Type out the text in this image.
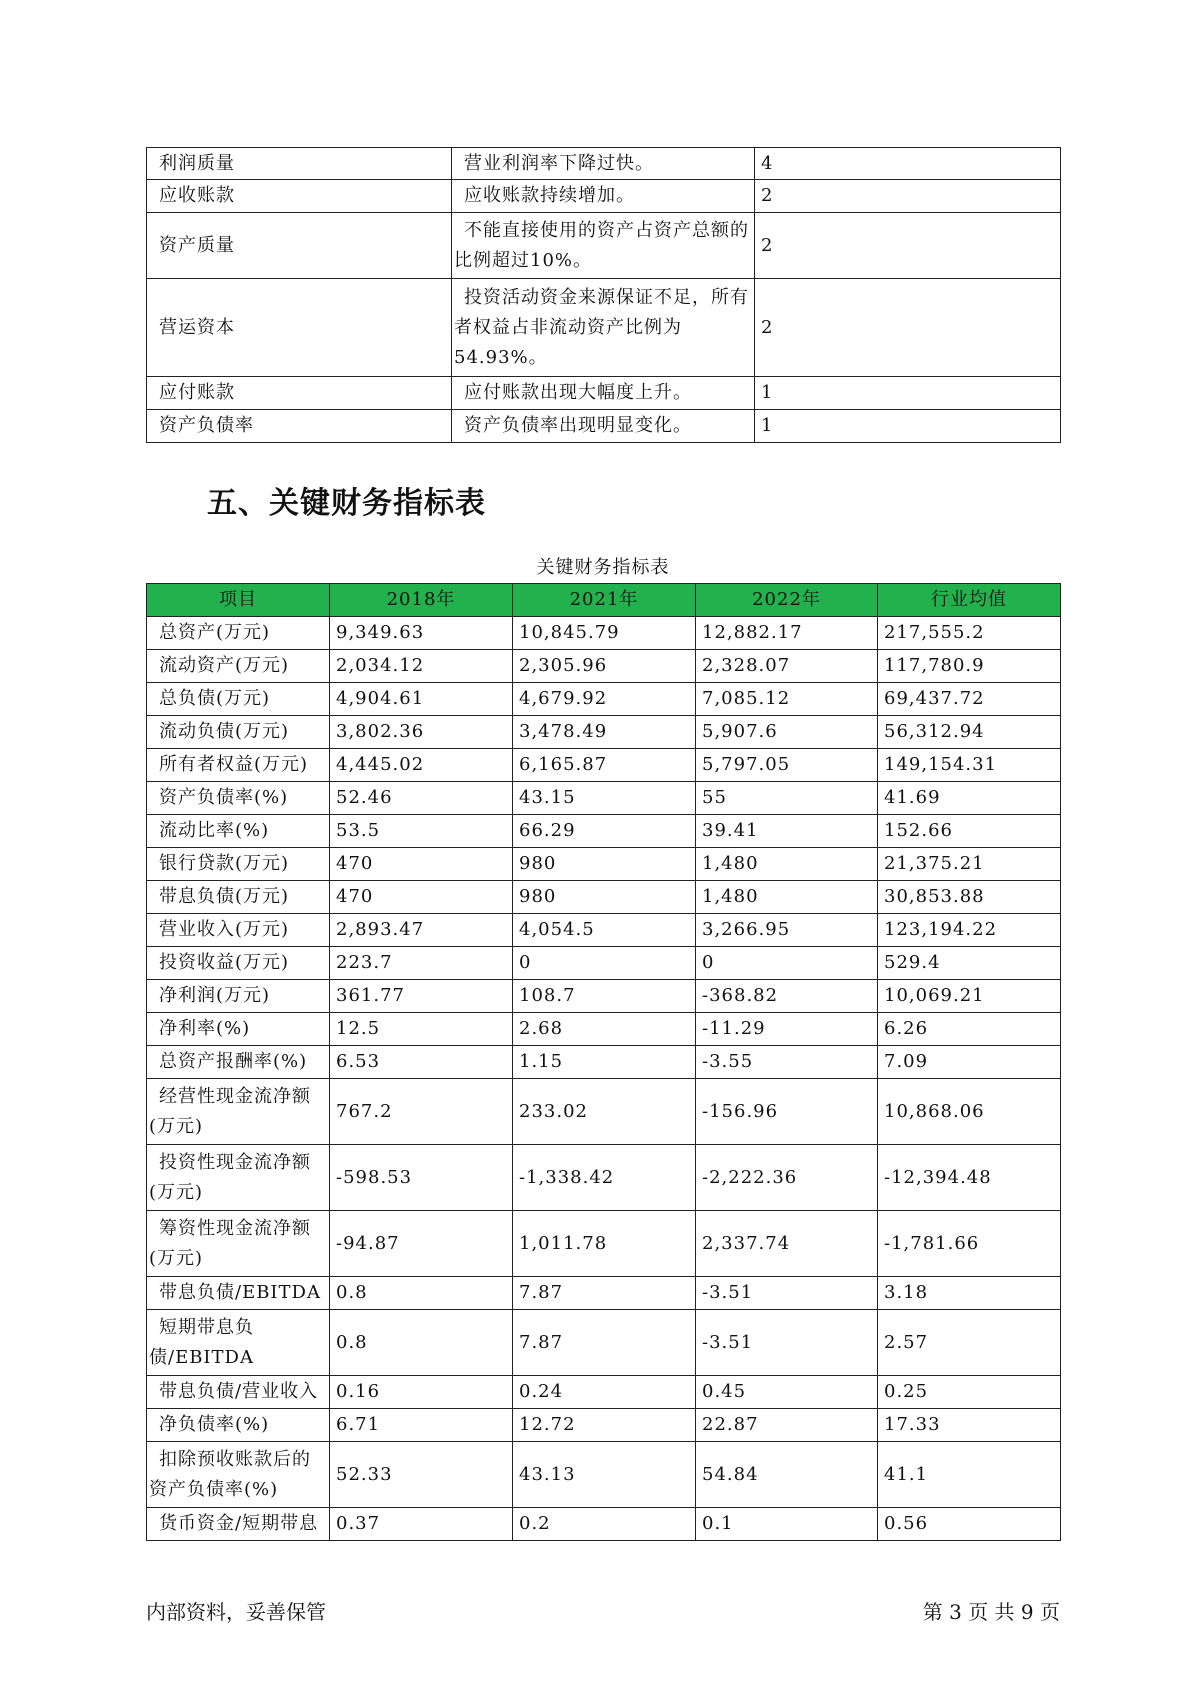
利润质量	营业利润率下降过快。	4
应收账款	应收账款持续增加。	2
资产质量	不能直接使用的资产占资产总额的比例超过10%。	2
营运资本	投资活动资金来源保证不足，所有者权益占非流动资产比例为54.93%。	2
应付账款	应付账款出现大幅度上升。	1
资产负债率	资产负债率出现明显变化。	1
五、关键财务指标表
关键财务指标表
项目	2018年	2021年	2022年	行业均值
总资产(万元)	9,349.63	10,845.79	12,882.17	217,555.2
流动资产(万元)	2,034.12	2,305.96	2,328.07	117,780.9
总负债(万元)	4,904.61	4,679.92	7,085.12	69,437.72
流动负债(万元)	3,802.36	3,478.49	5,907.6	56,312.94
所有者权益(万元)	4,445.02	6,165.87	5,797.05	149,154.31
资产负债率(%)	52.46	43.15	55	41.69
流动比率(%)	53.5	66.29	39.41	152.66
银行贷款(万元)	470	980	1,480	21,375.21
带息负债(万元)	470	980	1,480	30,853.88
营业收入(万元)	2,893.47	4,054.5	3,266.95	123,194.22
投资收益(万元)	223.7	0	0	529.4
净利润(万元)	361.77	108.7	-368.82	10,069.21
净利率(%)	12.5	2.68	-11.29	6.26
总资产报酬率(%)	6.53	1.15	-3.55	7.09
经营性现金流净额(万元)	767.2	233.02	-156.96	10,868.06
投资性现金流净额(万元)	-598.53	-1,338.42	-2,222.36	-12,394.48
筹资性现金流净额(万元)	-94.87	1,011.78	2,337.74	-1,781.66
带息负债/EBITDA	0.8	7.87	-3.51	3.18
短期带息负债/EBITDA	0.8	7.87	-3.51	2.57
带息负债/营业收入	0.16	0.24	0.45	0.25
净负债率(%)	6.71	12.72	22.87	17.33
扣除预收账款后的资产负债率(%)	52.33	43.13	54.84	41.1
货币资金/短期带息	0.37	0.2	0.1	0.56
内部资料，妥善保管	第 3 页 共 9 页
